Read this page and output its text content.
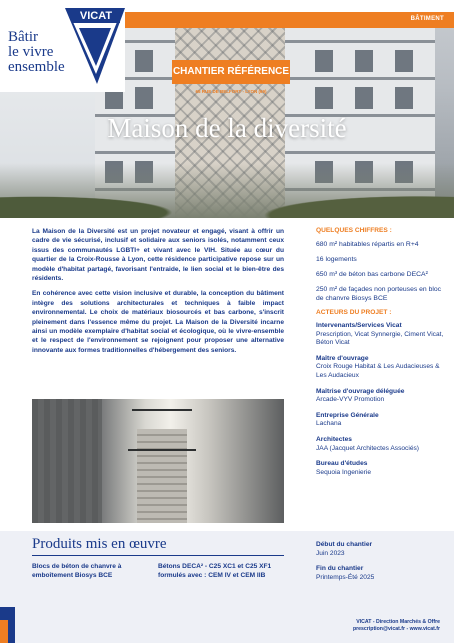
BÂTIMENT
Bâtir
le vivre
ensemble
VICAT
CHANTIER RÉFÉRENCE
65 RUE DE BELFORT - LYON (69)
Maison de la diversité

La Maison de la Diversité est un projet novateur et engagé, visant à offrir un cadre de vie sécurisé, inclusif et solidaire aux seniors isolés, notamment ceux issus des communautés LGBTI+ et vivant avec le VIH. Située au cœur du quartier de la Croix-Rousse à Lyon, cette résidence participative repose sur un modèle d'habitat partagé, favorisant l'entraide, le lien social et le bien-être des résidents.

En cohérence avec cette vision inclusive et durable, la conception du bâtiment intègre des solutions architecturales et techniques à faible impact environnemental. Le choix de matériaux biosourcés et bas carbone, s'inscrit pleinement dans l'essence même du projet. La Maison de la Diversité incarne ainsi un modèle exemplaire d'habitat social et écologique, où le vivre-ensemble et le respect de l'environnement se rejoignent pour proposer une alternative innovante aux formes traditionnelles d'hébergement des seniors.

QUELQUES CHIFFRES :
680 m² habitables répartis en R+4
16 logements
650 m³ de béton bas carbone DECA²
250 m² de façades non porteuses en bloc de chanvre Biosys BCE
ACTEURS DU PROJET :
Intervenants/Services Vicat
Prescription, Vicat Synnergie, Ciment Vicat, Béton Vicat
Maître d'ouvrage
Croix Rouge Habitat & Les Audacieuses & Les Audacieux
Maîtrise d'ouvrage déléguée
Arcade-VYV Promotion
Entreprise Générale
Lachana
Architectes
JAA (Jacquet Architectes Associés)
Bureau d'études
Sequoia Ingenierie
Produits mis en œuvre
Blocs de béton de chanvre à emboîtement Biosys BCE
Bétons DECA² - C25 XC1 et C25 XF1 formulés avec : CEM IV et CEM IIB
Début du chantier
Juin 2023
Fin du chantier
Printemps-Été 2025
VICAT - Direction Marchés & Offre
prescription@vicat.fr - www.vicat.fr
